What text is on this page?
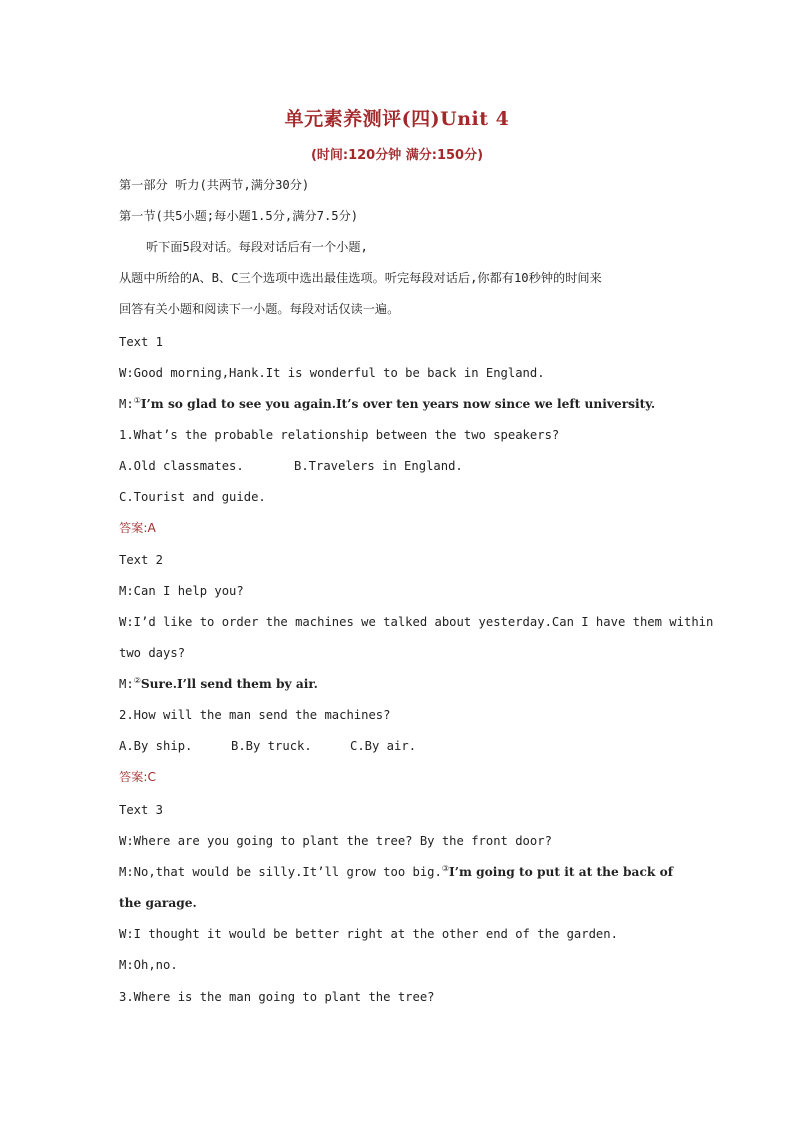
单元素养测评(四)Unit 4
(时间:120分钟 满分:150分)
第一部分 听力(共两节,满分30分)
第一节(共5小题;每小题1.5分,满分7.5分)
听下面5段对话。每段对话后有一个小题,
从题中所给的A、B、C三个选项中选出最佳选项。听完每段对话后,你都有10秒钟的时间来
回答有关小题和阅读下一小题。每段对话仅读一遍。
Text 1
W:Good morning,Hank.It is wonderful to be back in England.
M:①I’m so glad to see you again.It’s over ten years now since we left university.
1.What’s the probable relationship between the two speakers?
A.Old classmates.	B.Travelers in England.
C.Tourist and guide.
答案:A
Text 2
M:Can I help you?
W:I’d like to order the machines we talked about yesterday.Can I have them within
two days?
M:②Sure.I’ll send them by air.
2.How will the man send the machines?
A.By ship.	B.By truck.	C.By air.
答案:C
Text 3
W:Where are you going to plant the tree? By the front door?
M:No,that would be silly.It’ll grow too big.③I’m going to put it at the back of
the garage.
W:I thought it would be better right at the other end of the garden.
M:Oh,no.
3.Where is the man going to plant the tree?
